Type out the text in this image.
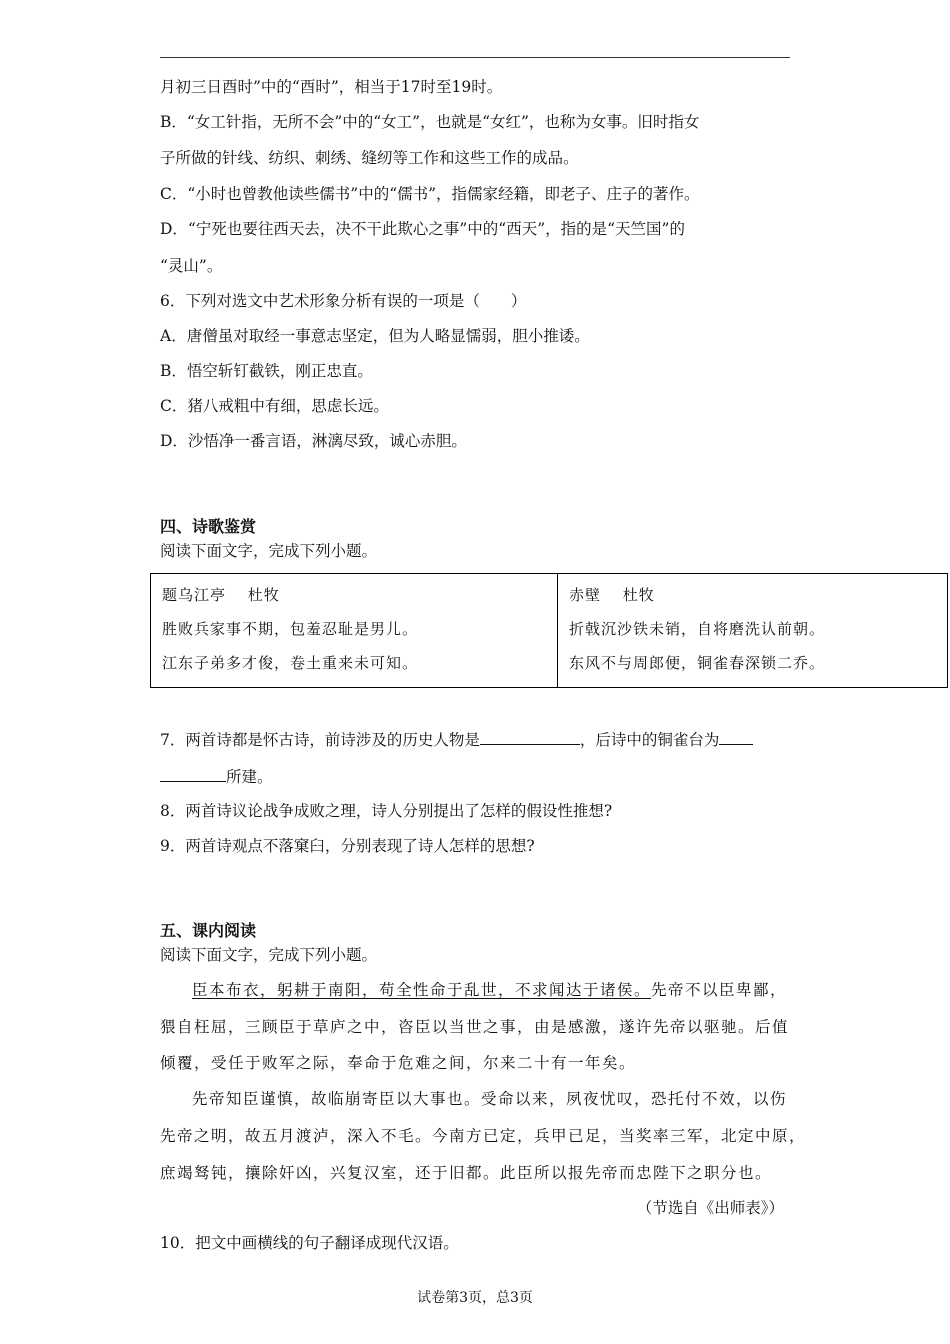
月初三日酉时”中的“酉时”，相当于17时至19时。
B．“女工针指，无所不会”中的“女工”，也就是“女红”，也称为女事。旧时指女
子所做的针线、纺织、刺绣、缝纫等工作和这些工作的成品。
C．“小时也曾教他读些儒书”中的“儒书”，指儒家经籍，即老子、庄子的著作。
D．“宁死也要往西天去，决不干此欺心之事”中的“西天”，指的是“天竺国”的
“灵山”。
6．下列对选文中艺术形象分析有误的一项是（　　）
A．唐僧虽对取经一事意志坚定，但为人略显懦弱，胆小推诿。
B．悟空斩钉截铁，刚正忠直。
C．猪八戒粗中有细，思虑长远。
D．沙悟净一番言语，淋漓尽致，诚心赤胆。
四、诗歌鉴赏
阅读下面文字，完成下列小题。
题乌江亭　 杜牧
胜败兵家事不期，包羞忍耻是男儿。
江东子弟多才俊，卷土重来未可知。
赤壁　 杜牧
折戟沉沙铁未销，自将磨洗认前朝。
东风不与周郎便，铜雀春深锁二乔。
7．两首诗都是怀古诗，前诗涉及的历史人物是	，后诗中的铜雀台为
所建。
8．两首诗议论战争成败之理，诗人分别提出了怎样的假设性推想?
9．两首诗观点不落窠臼，分别表现了诗人怎样的思想?
五、课内阅读
阅读下面文字，完成下列小题。
臣本布衣，躬耕于南阳，苟全性命于乱世，不求闻达于诸侯。先帝不以臣卑鄙，
猥自枉屈，三顾臣于草庐之中，咨臣以当世之事，由是感激，遂许先帝以驱驰。后值
倾覆，受任于败军之际，奉命于危难之间，尔来二十有一年矣。
先帝知臣谨慎，故临崩寄臣以大事也。受命以来，夙夜忧叹，恐托付不效，以伤
先帝之明，故五月渡泸，深入不毛。今南方已定，兵甲已足，当奖率三军，北定中原，
庶竭驽钝，攘除奸凶，兴复汉室，还于旧都。此臣所以报先帝而忠陛下之职分也。
（节选自《出师表》）
10．把文中画横线的句子翻译成现代汉语。
试卷第3页，总3页
